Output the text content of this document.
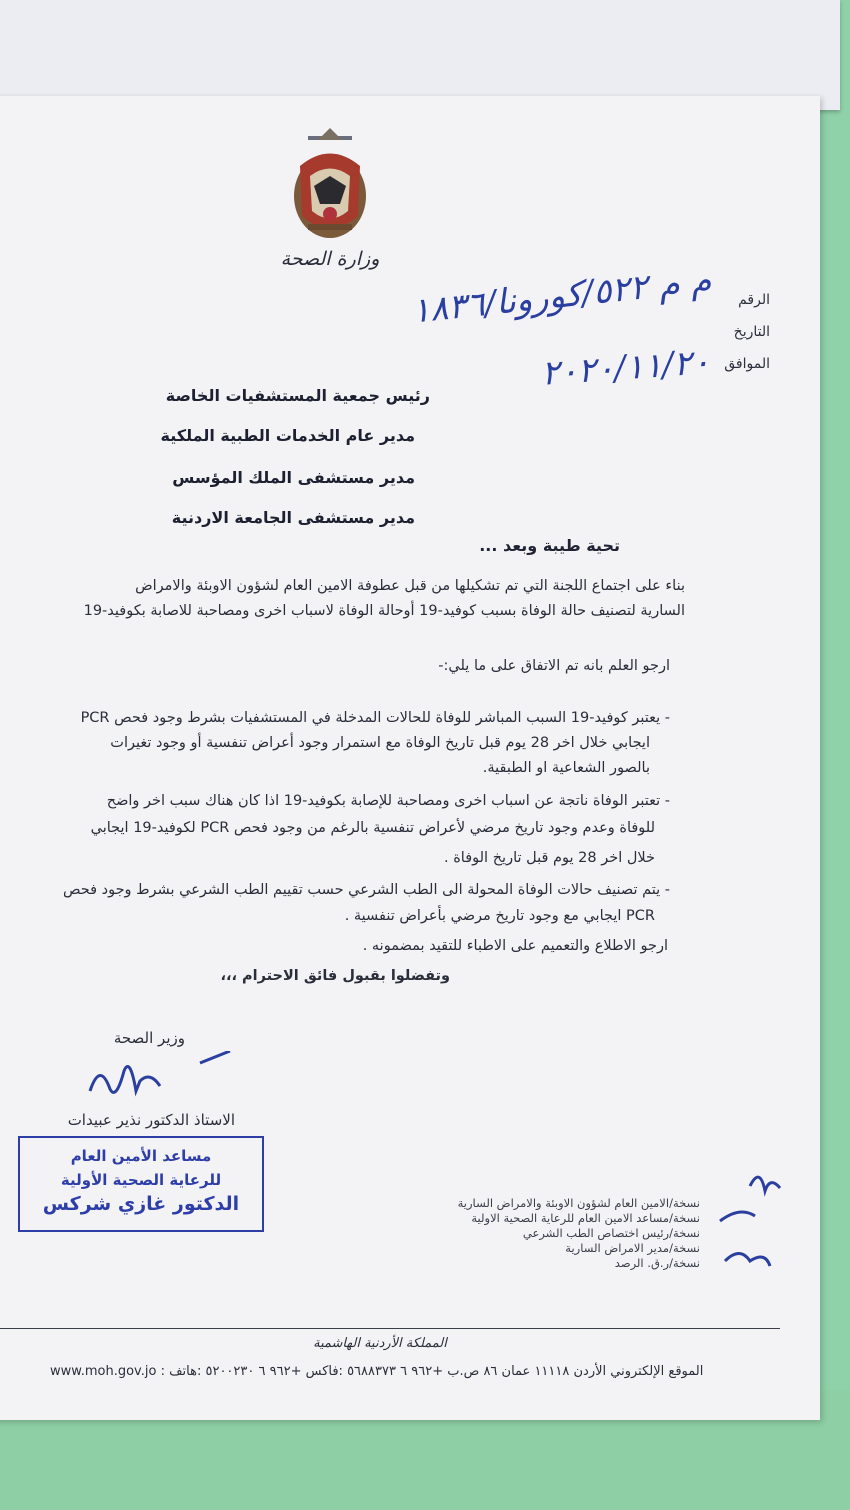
وزارة الصحة
الرقم
التاريخ
الموافق
م م ٥٢٢/كورونا/١٨٣٦
٢٠٢٠/١١/٢٠
رئيس جمعية المستشفيات الخاصة
مدير عام الخدمات الطبية الملكية
مدير مستشفى الملك المؤسس
مدير مستشفى الجامعة الاردنية
تحية طيبة وبعد ...
بناء على اجتماع اللجنة التي تم تشكيلها من قبل عطوفة الامين العام لشؤون الاوبئة والامراض
السارية لتصنيف حالة الوفاة بسبب كوفيد-19 أوحالة الوفاة لاسباب اخرى ومصاحبة للاصابة بكوفيد-19
ارجو العلم بانه تم الاتفاق على ما يلي:-
- يعتبر كوفيد-19 السبب المباشر للوفاة للحالات المدخلة في المستشفيات بشرط وجود فحص PCR
ايجابي خلال اخر 28 يوم قبل تاريخ الوفاة مع استمرار وجود أعراض تنفسية أو وجود تغيرات
بالصور الشعاعية او الطبقية.
- تعتبر الوفاة ناتجة عن اسباب اخرى ومصاحبة للإصابة بكوفيد-19 اذا كان هناك سبب اخر واضح
للوفاة وعدم وجود تاريخ مرضي لأعراض تنفسية بالرغم من وجود فحص PCR لكوفيد-19 ايجابي
خلال اخر 28 يوم قبل تاريخ الوفاة .
- يتم تصنيف حالات الوفاة المحولة الى الطب الشرعي حسب تقييم الطب الشرعي بشرط وجود فحص
PCR ايجابي مع وجود تاريخ مرضي بأعراض تنفسية .
ارجو الاطلاع والتعميم على الاطباء للتقيد بمضمونه .
وتفضلوا بقبول فائق الاحترام ،،،
وزير الصحة
الاستاذ الدكتور نذير عبيدات
مساعد الأمين العام
للرعاية الصحية الأولية
الدكتور غازي شركس	نسخة/الامين العام لشؤون الاوبئة والامراض السارية
نسخة/مساعد الامين العام للرعاية الصحية الاولية
نسخة/رئيس اختصاص الطب الشرعي
نسخة/مدير الامراض السارية
نسخة/ر.ق. الرصد
المملكة الأردنية الهاشمية
www.moh.gov.jo : الموقع الإلكتروني الأردن ١١١١٨ عمان ٨٦ ص.ب +٩٦٢ ٦ ٥٦٨٨٣٧٣ :فاكس +٩٦٢ ٦ ٥٢٠٠٢٣٠ :هاتف
